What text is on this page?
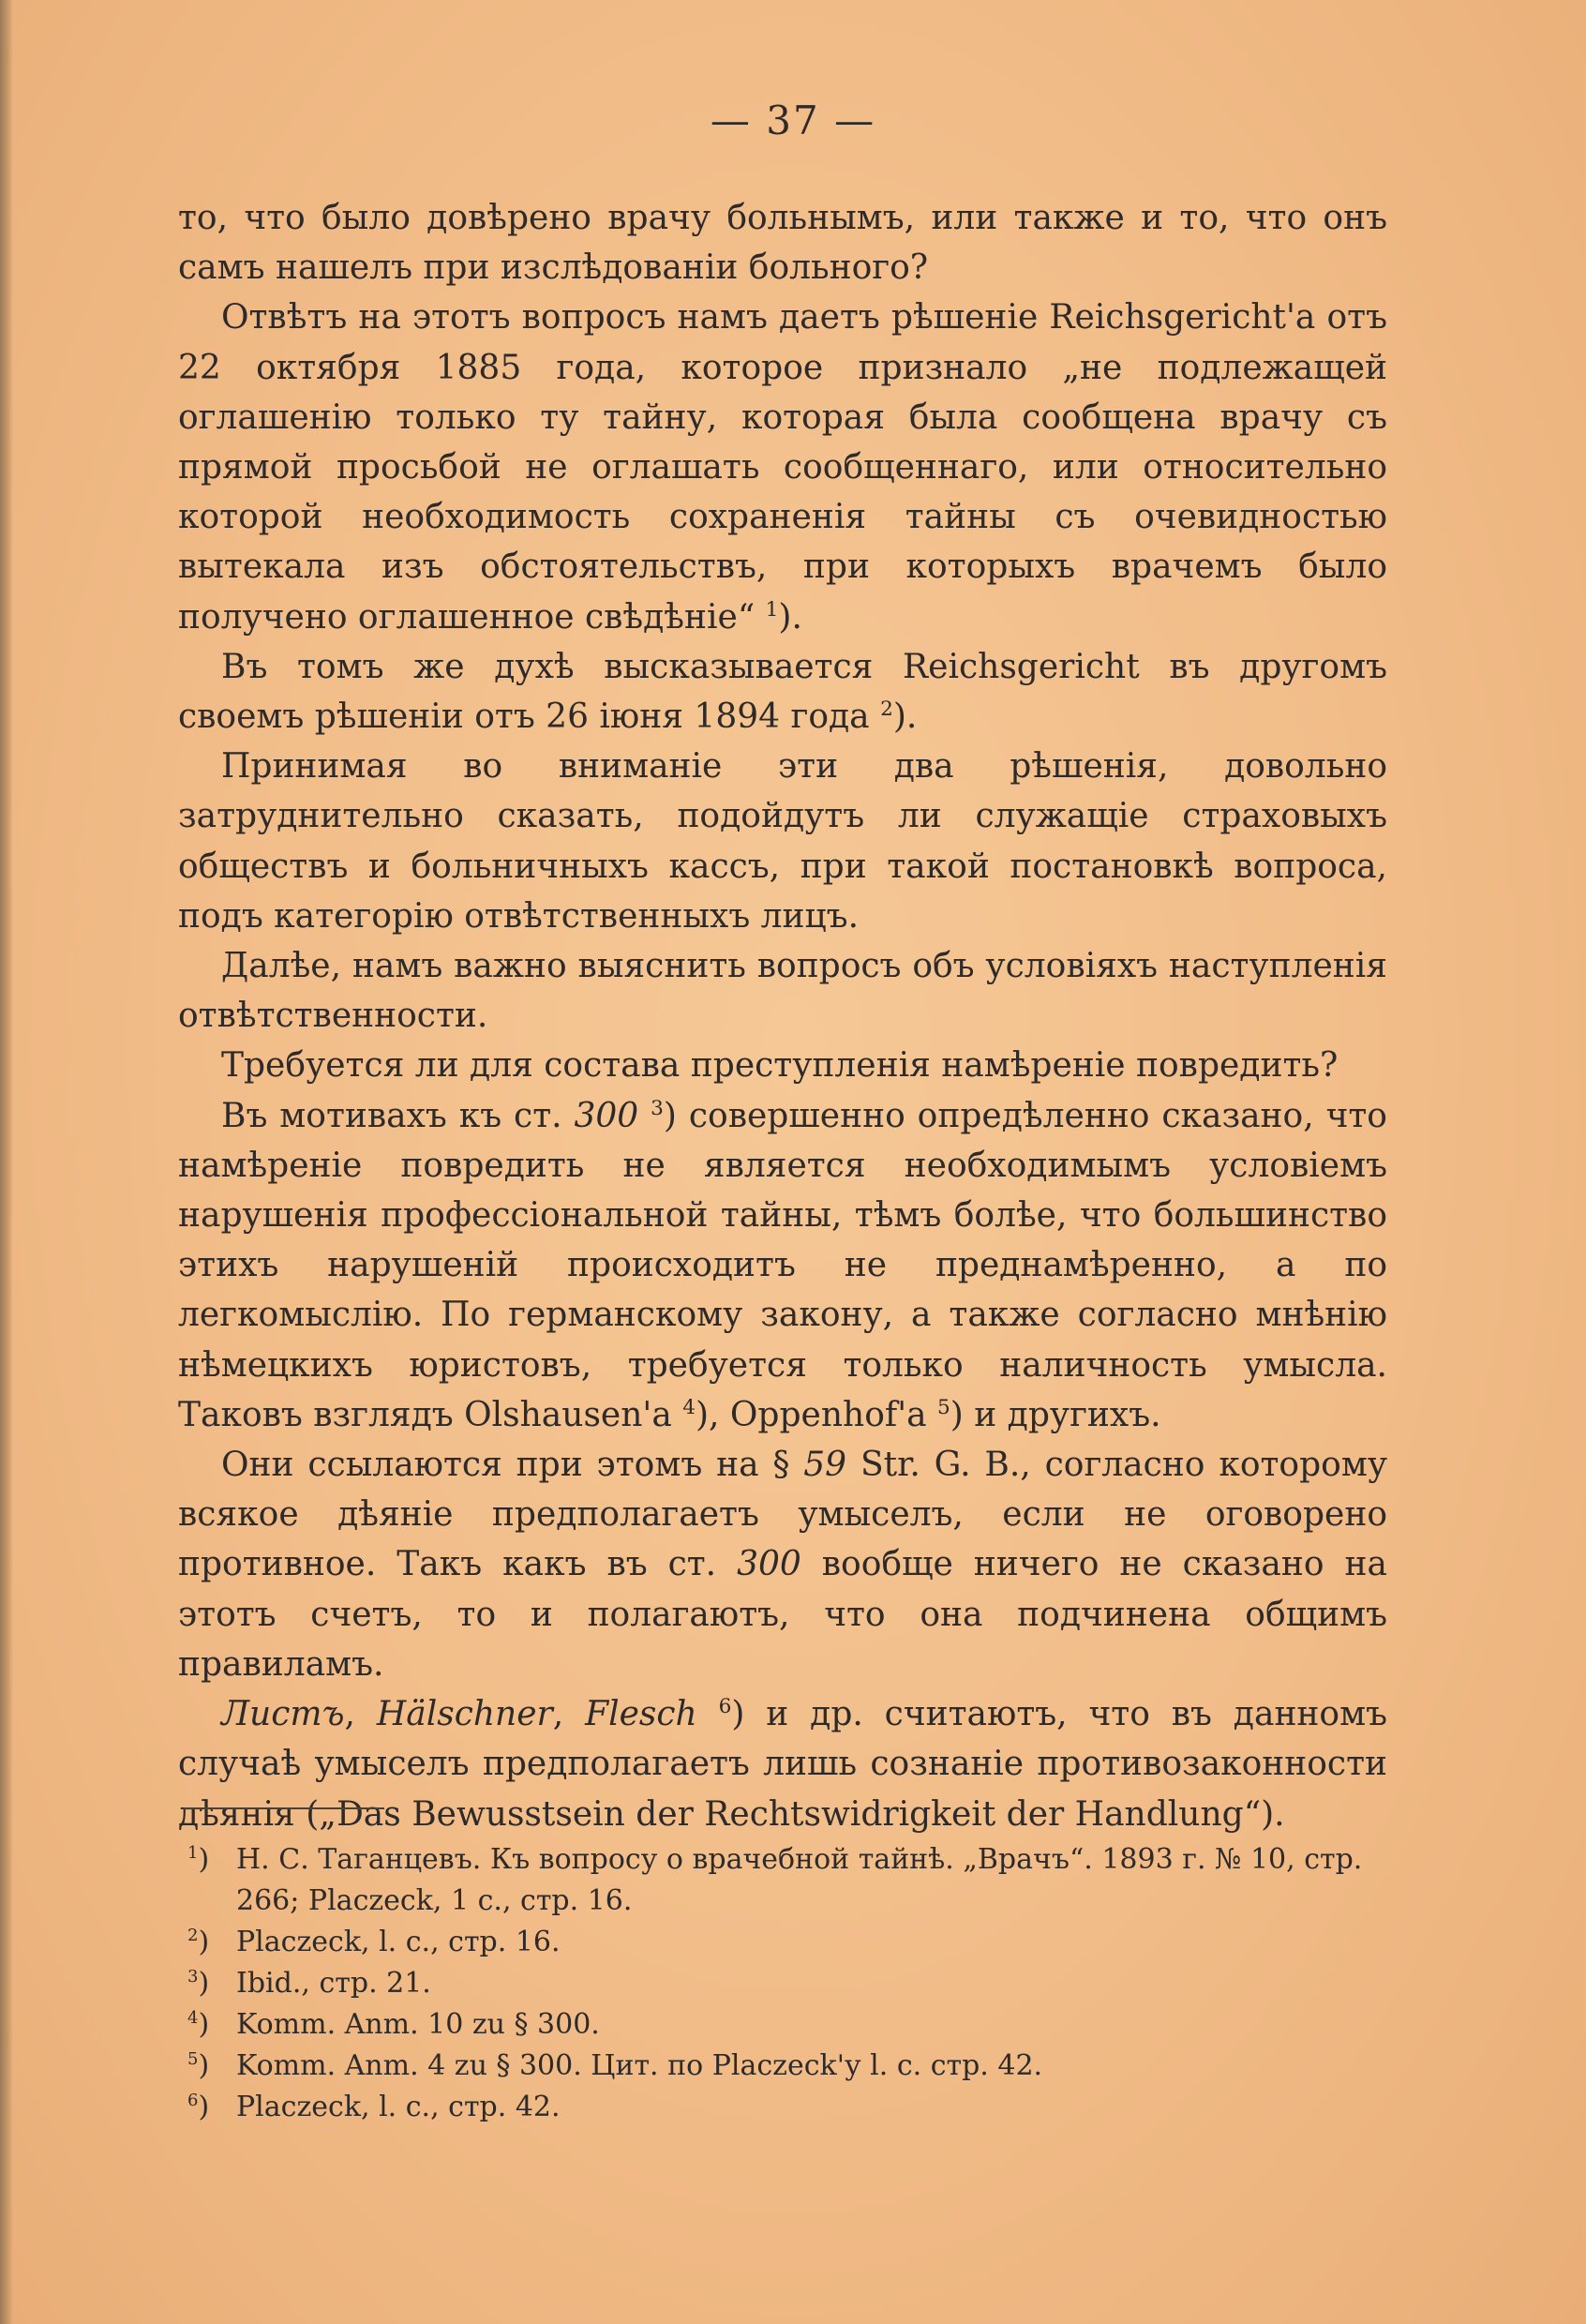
— 37 —

то, что было довѣрено врачу больнымъ, или также и то, что онъ самъ нашелъ при изслѣдованіи больного?

Отвѣтъ на этотъ вопросъ намъ даетъ рѣшеніе Reichsgericht'а отъ 22 октября 1885 года, которое признало „не подлежащей оглашенію только ту тайну, которая была сообщена врачу съ прямой просьбой не оглашать сообщеннаго, или относительно которой необходимость сохраненія тайны съ очевидностью вытекала изъ обстоятельствъ, при которыхъ врачемъ было получено оглашенное свѣдѣніе“ $^1$).

Въ томъ же духѣ высказывается Reichsgericht въ другомъ своемъ рѣшеніи отъ 26 іюня 1894 года $^2$).

Принимая во вниманіе эти два рѣшенія, довольно затруднительно сказать, подойдутъ ли служащіе страховыхъ обществъ и больничныхъ кассъ, при такой постановкѣ вопроса, подъ категорію отвѣтственныхъ лицъ.

Далѣе, намъ важно выяснить вопросъ объ условіяхъ наступленія отвѣтственности.

Требуется ли для состава преступленія намѣреніе повредить?

Въ мотивахъ къ ст. 300 $^3$) совершенно опредѣленно сказано, что намѣреніе повредить не является необходимымъ условіемъ нарушенія профессіональной тайны, тѣмъ болѣе, что большинство этихъ нарушеній происходитъ не преднамѣренно, а по легкомыслію. По германскому закону, а также согласно мнѣнію нѣмецкихъ юристовъ, требуется только наличность умысла. Таковъ взглядъ Olshausen'а $^4$), Oppenhof'а $^5$) и другихъ.

Они ссылаются при этомъ на § 59 Str. G. B., согласно которому всякое дѣяніе предполагаетъ умыселъ, если не оговорено противное. Такъ какъ въ ст. 300 вообще ничего не сказано на этотъ счетъ, то и полагаютъ, что она подчинена общимъ правиламъ.

Листъ, Hälschner, Flesch $^6$) и др. считаютъ, что въ данномъ случаѣ умыселъ предполагаетъ лишь сознаніе противозаконности дѣянія („Das Bewusstsein der Rechtswidrigkeit der Handlung“).

$^1$) Н. С. Таганцевъ. Къ вопросу о врачебной тайнѣ. „Врачъ“. 1893 г. № 10, стр. 266; Placzeck, 1 с., стр. 16.

$^2$) Placzeck, l. с., стр. 16.

$^3$) Ibid., стр. 21.

$^4$) Komm. Anm. 10 zu § 300.

$^5$) Komm. Anm. 4 zu § 300. Цит. по Placzeck'у l. с. стр. 42.

$^6$) Placzeck, l. с., стр. 42.
